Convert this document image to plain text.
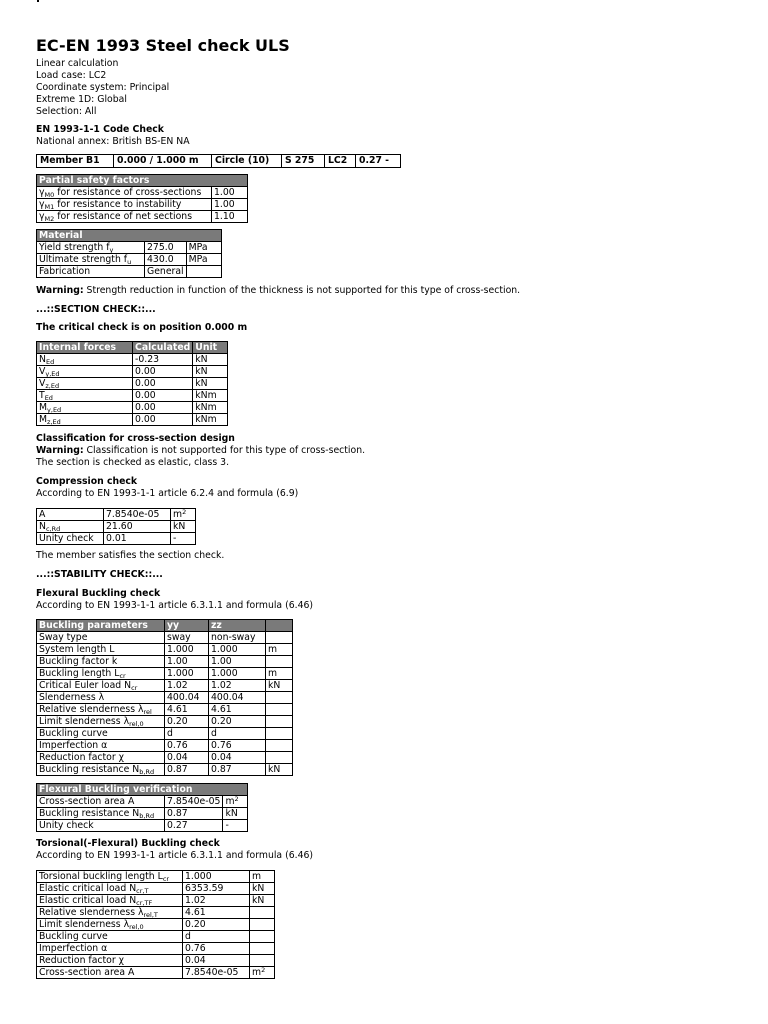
EC-EN 1993 Steel check ULS

Linear calculation

Load case: LC2

Coordinate system: Principal

Extreme 1D: Global

Selection: All

EN 1993-1-1 Code Check

National annex: British BS-EN NA

Member B1	0.000 / 1.000 m	Circle (10)	S 275	LC2	0.27 -
Partial safety factors	
$\gamma_{M0}$ for resistance of cross-sections	1.00
$\gamma_{M1}$ for resistance to instability	1.00
$\gamma_{M2}$ for resistance of net sections	1.10
Material		
Yield strength $f_y$	275.0	MPa
Ultimate strength $f_u$	430.0	MPa
Fabrication	General	

Warning: Strength reduction in function of the thickness is not supported for this type of cross-section.

...::SECTION CHECK::...

The critical check is on position 0.000 m

Internal forces	Calculated	Unit
$N_{Ed}$	-0.23	kN
$V_{y,Ed}$	0.00	kN
$V_{z,Ed}$	0.00	kN
$T_{Ed}$	0.00	kNm
$M_{y,Ed}$	0.00	kNm
$M_{z,Ed}$	0.00	kNm

Classification for cross-section design

Warning: Classification is not supported for this type of cross-section.

The section is checked as elastic, class 3.

Compression check

According to EN 1993-1-1 article 6.2.4 and formula (6.9)

A	7.8540e-05	$m^2$
$N_{c,Rd}$	21.60	kN
Unity check	0.01	-

The member satisfies the section check.

...::STABILITY CHECK::...

Flexural Buckling check

According to EN 1993-1-1 article 6.3.1.1 and formula (6.46)

Buckling parameters	yy	zz	
Sway type	sway	non-sway	
System length L	1.000	1.000	m
Buckling factor k	1.00	1.00	
Buckling length $L_{cr}$	1.000	1.000	m
Critical Euler load $N_{cr}$	1.02	1.02	kN
Slenderness λ	400.04	400.04	
Relative slenderness $\lambda_{rel}$	4.61	4.61	
Limit slenderness $\lambda_{rel,0}$	0.20	0.20	
Buckling curve	d	d	
Imperfection α	0.76	0.76	
Reduction factor χ	0.04	0.04	
Buckling resistance $N_{b,Rd}$	0.87	0.87	kN
Flexural Buckling verification		
Cross-section area A	7.8540e-05	$m^2$
Buckling resistance $N_{b,Rd}$	0.87	kN
Unity check	0.27	-

Torsional(-Flexural) Buckling check

According to EN 1993-1-1 article 6.3.1.1 and formula (6.46)

Torsional buckling length $L_{cr}$	1.000	m
Elastic critical load $N_{cr,T}$	6353.59	kN
Elastic critical load $N_{cr,TF}$	1.02	kN
Relative slenderness $\lambda_{rel,T}$	4.61	
Limit slenderness $\lambda_{rel,0}$	0.20	
Buckling curve	d	
Imperfection α	0.76	
Reduction factor χ	0.04	
Cross-section area A	7.8540e-05	$m^2$
